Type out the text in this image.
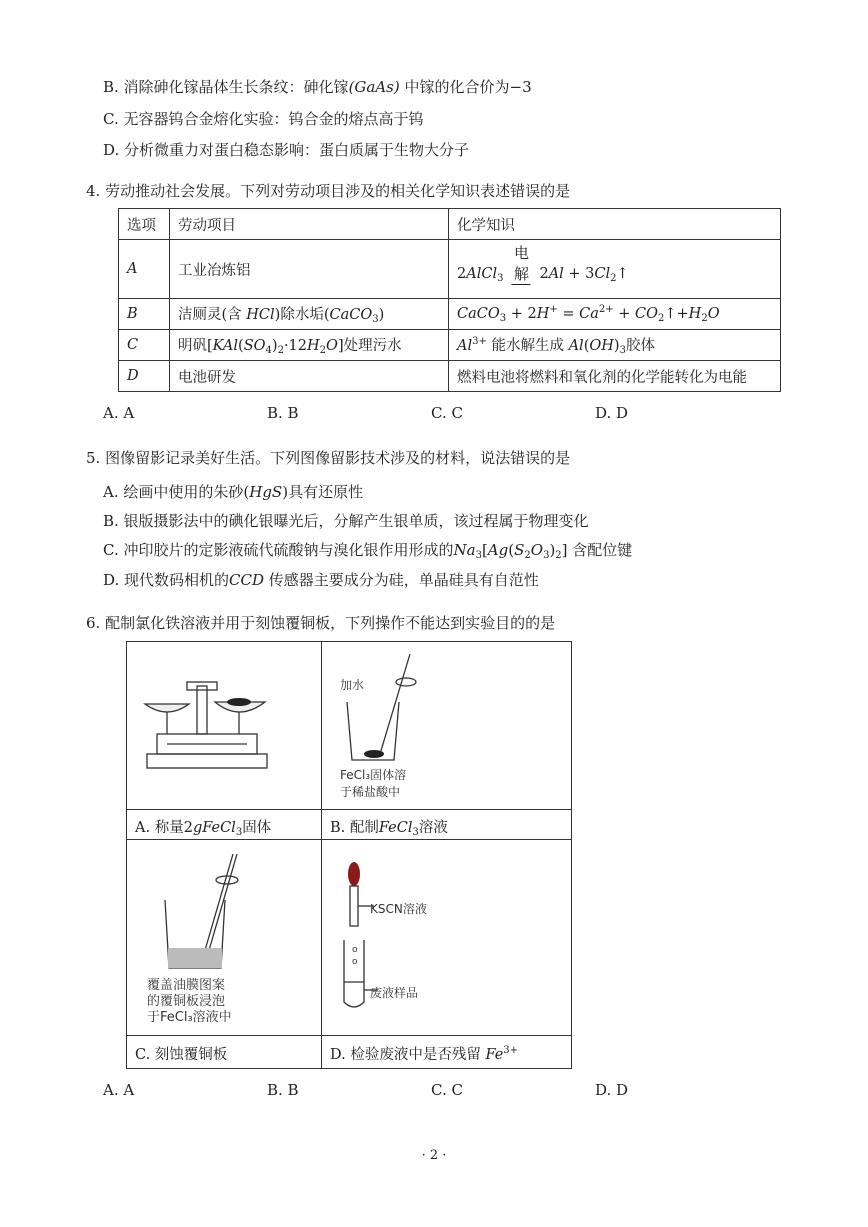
B. 消除砷化镓晶体生长条纹：砷化镓(GaAs) 中镓的化合价为−3
C. 无容器钨合金熔化实验：钨合金的熔点高于钨
D. 分析微重力对蛋白稳态影响：蛋白质属于生物大分子
4. 劳动推动社会发展。下列对劳动项目涉及的相关化学知识表述错误的是
选项	劳动项目	化学知识
A	工业冶炼铝	2AlCl$_3$
电解 $2Al + 3Cl_2↑$
B	洁厕灵(含 HCl)除水垢(CaCO$_3$)	CaCO$_3$ + $2H^+ = Ca^{2+}$ + $CO_2↑+H_2O$
C	明矾$[KAl(SO_4)_2\cdot 12H_2O]$处理污水	$Al^{3+}$ 能水解生成 $Al(OH)_3$胶体
D	电池研发	燃料电池将燃料和氧化剂的化学能转化为电能
A. A	B. B	C. C	D. D
5. 图像留影记录美好生活。下列图像留影技术涉及的材料，说法错误的是
A. 绘画中使用的朱砂(HgS)具有还原性
B. 银版摄影法中的碘化银曝光后，分解产生银单质，该过程属于物理变化
C. 冲印胶片的定影液硫代硫酸钠与溴化银作用形成的$Na_3[Ag(S_2O_3)_2]$ 含配位键
D. 现代数码相机的CCD 传感器主要成分为硅，单晶硅具有自范性
6. 配制氯化铁溶液并用于刻蚀覆铜板，下列操作不能达到实验目的的是
加水
FeCl₃固体溶
于稀盐酸中
A. 称量2gFeCl$_3$固体	B. 配制FeCl$_3$溶液
覆盖油膜图案
的覆铜板浸泡
于FeCl₃溶液中
o
o
KSCN溶液
废液样品
C. 刻蚀覆铜板	D. 检验废液中是否残留 $Fe^{3+}$
A. A	B. B	C. C	D. D
· 2 ·
